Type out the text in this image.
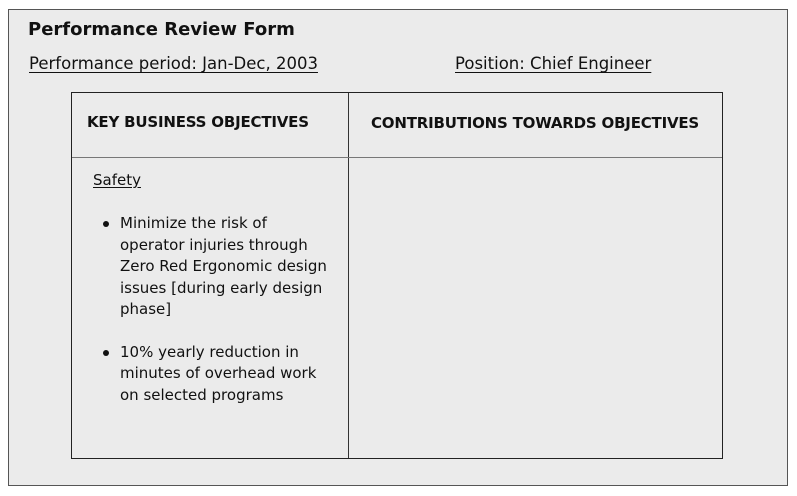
Performance Review Form
Performance period: Jan-Dec, 2003	Position: Chief Engineer
KEY BUSINESS OBJECTIVES	CONTRIBUTIONS TOWARDS OBJECTIVES
Safety
Minimize the risk of operator injuries through Zero Red Ergonomic design issues [during early design phase]
10% yearly reduction in minutes of overhead work on selected programs
